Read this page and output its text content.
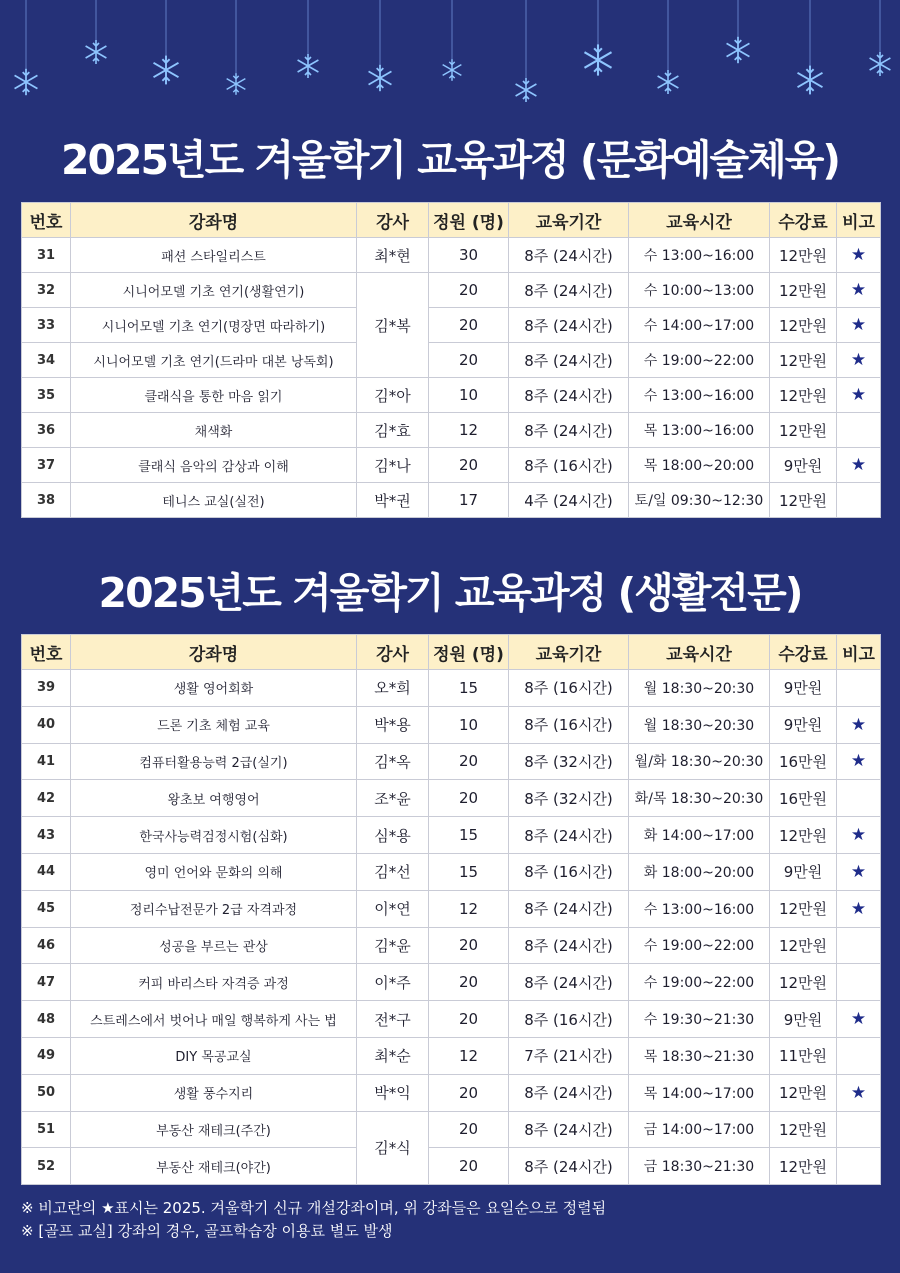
2025년도 겨울학기 교육과정 (문화예술체육)
번호	강좌명	강사	정원 (명)	교육기간	교육시간	수강료	비고
31	패션 스타일리스트	최*현	30	8주 (24시간)	수 13:00~16:00	12만원	★
32	시니어모델 기초 연기(생활연기)	김*복	20	8주 (24시간)	수 10:00~13:00	12만원	★
33	시니어모델 기초 연기(명장면 따라하기)		20	8주 (24시간)	수 14:00~17:00	12만원	★
34	시니어모델 기초 연기(드라마 대본 낭독회)		20	8주 (24시간)	수 19:00~22:00	12만원	★
35	클래식을 통한 마음 읽기	김*아	10	8주 (24시간)	수 13:00~16:00	12만원	★
36	채색화	김*효	12	8주 (24시간)	목 13:00~16:00	12만원	
37	클래식 음악의 감상과 이해	김*나	20	8주 (16시간)	목 18:00~20:00	9만원	★
38	테니스 교실(실전)	박*권	17	4주 (24시간)	토/일 09:30~12:30	12만원	
2025년도 겨울학기 교육과정 (생활전문)
번호	강좌명	강사	정원 (명)	교육기간	교육시간	수강료	비고
39	생활 영어회화	오*희	15	8주 (16시간)	월 18:30~20:30	9만원	
40	드론 기초 체험 교육	박*용	10	8주 (16시간)	월 18:30~20:30	9만원	★
41	컴퓨터활용능력 2급(실기)	김*옥	20	8주 (32시간)	월/화 18:30~20:30	16만원	★
42	왕초보 여행영어	조*윤	20	8주 (32시간)	화/목 18:30~20:30	16만원	
43	한국사능력검정시험(심화)	심*용	15	8주 (24시간)	화 14:00~17:00	12만원	★
44	영미 언어와 문화의 의해	김*선	15	8주 (16시간)	화 18:00~20:00	9만원	★
45	정리수납전문가 2급 자격과정	이*연	12	8주 (24시간)	수 13:00~16:00	12만원	★
46	성공을 부르는 관상	김*윤	20	8주 (24시간)	수 19:00~22:00	12만원	
47	커피 바리스타 자격증 과정	이*주	20	8주 (24시간)	수 19:00~22:00	12만원	
48	스트레스에서 벗어나 매일 행복하게 사는 법	전*구	20	8주 (16시간)	수 19:30~21:30	9만원	★
49	DIY 목공교실	최*순	12	7주 (21시간)	목 18:30~21:30	11만원	
50	생활 풍수지리	박*익	20	8주 (24시간)	목 14:00~17:00	12만원	★
51	부동산 재테크(주간)	김*식	20	8주 (24시간)	금 14:00~17:00	12만원	
52	부동산 재테크(야간)		20	8주 (24시간)	금 18:30~21:30	12만원	

※ 비고란의 ★표시는 2025. 겨울학기 신규 개설강좌이며, 위 강좌들은 요일순으로 정렬됨

※ [골프 교실] 강좌의 경우, 골프학습장 이용료 별도 발생
